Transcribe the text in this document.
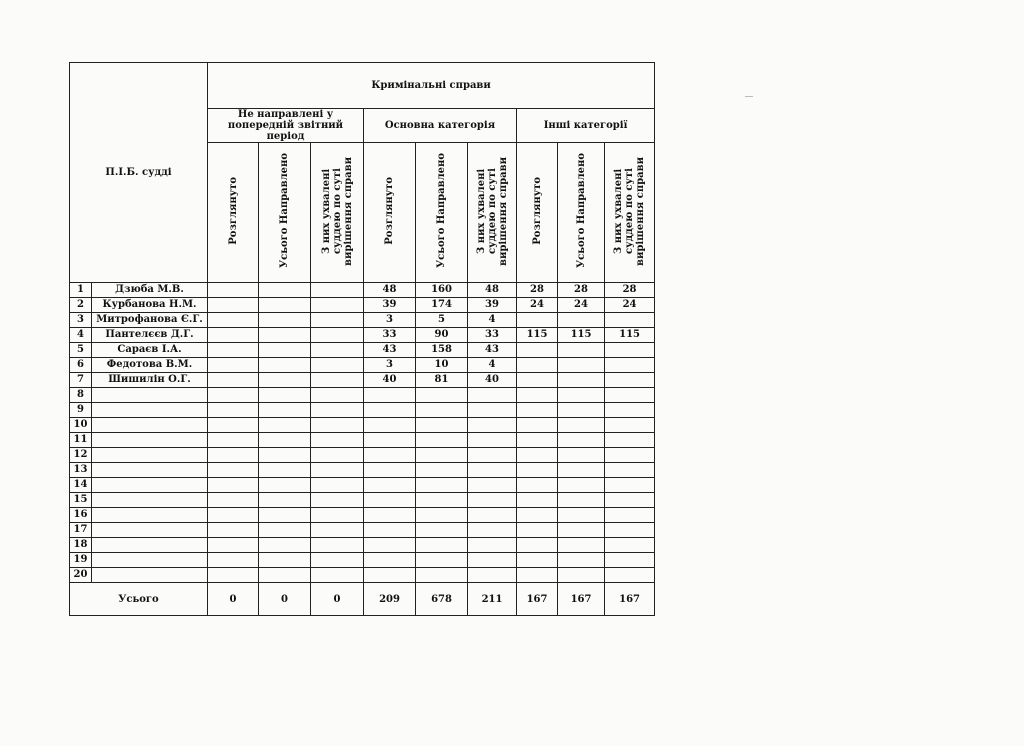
П.І.Б. судді		Кримінальні справи								
		Не направлені у попередній звітний період			Основна категорія			Інші категорії		
		Розглянуто	Усього Направлено	З них ухвалені суддею по суті вирішення справи	Розглянуто	Усього Направлено	З них ухвалені суддею по суті вирішення справи	Розглянуто	Усього Направлено	З них ухвалені суддею по суті вирішення справи
1	Дзюба М.В.				48	160	48	28	28	28
2	Курбанова Н.М.				39	174	39	24	24	24
3	Митрофанова Є.Г.				3	5	4			
4	Пантелєєв Д.Г.				33	90	33	115	115	115
5	Сараєв І.А.				43	158	43			
6	Федотова В.М.				3	10	4			
7	Шишилін О.Г.				40	81	40			
8										
9										
10										
11										
12										
13										
14										
15										
16										
17										
18										
19										
20										
Усього		0	0	0	209	678	211	167	167	167
